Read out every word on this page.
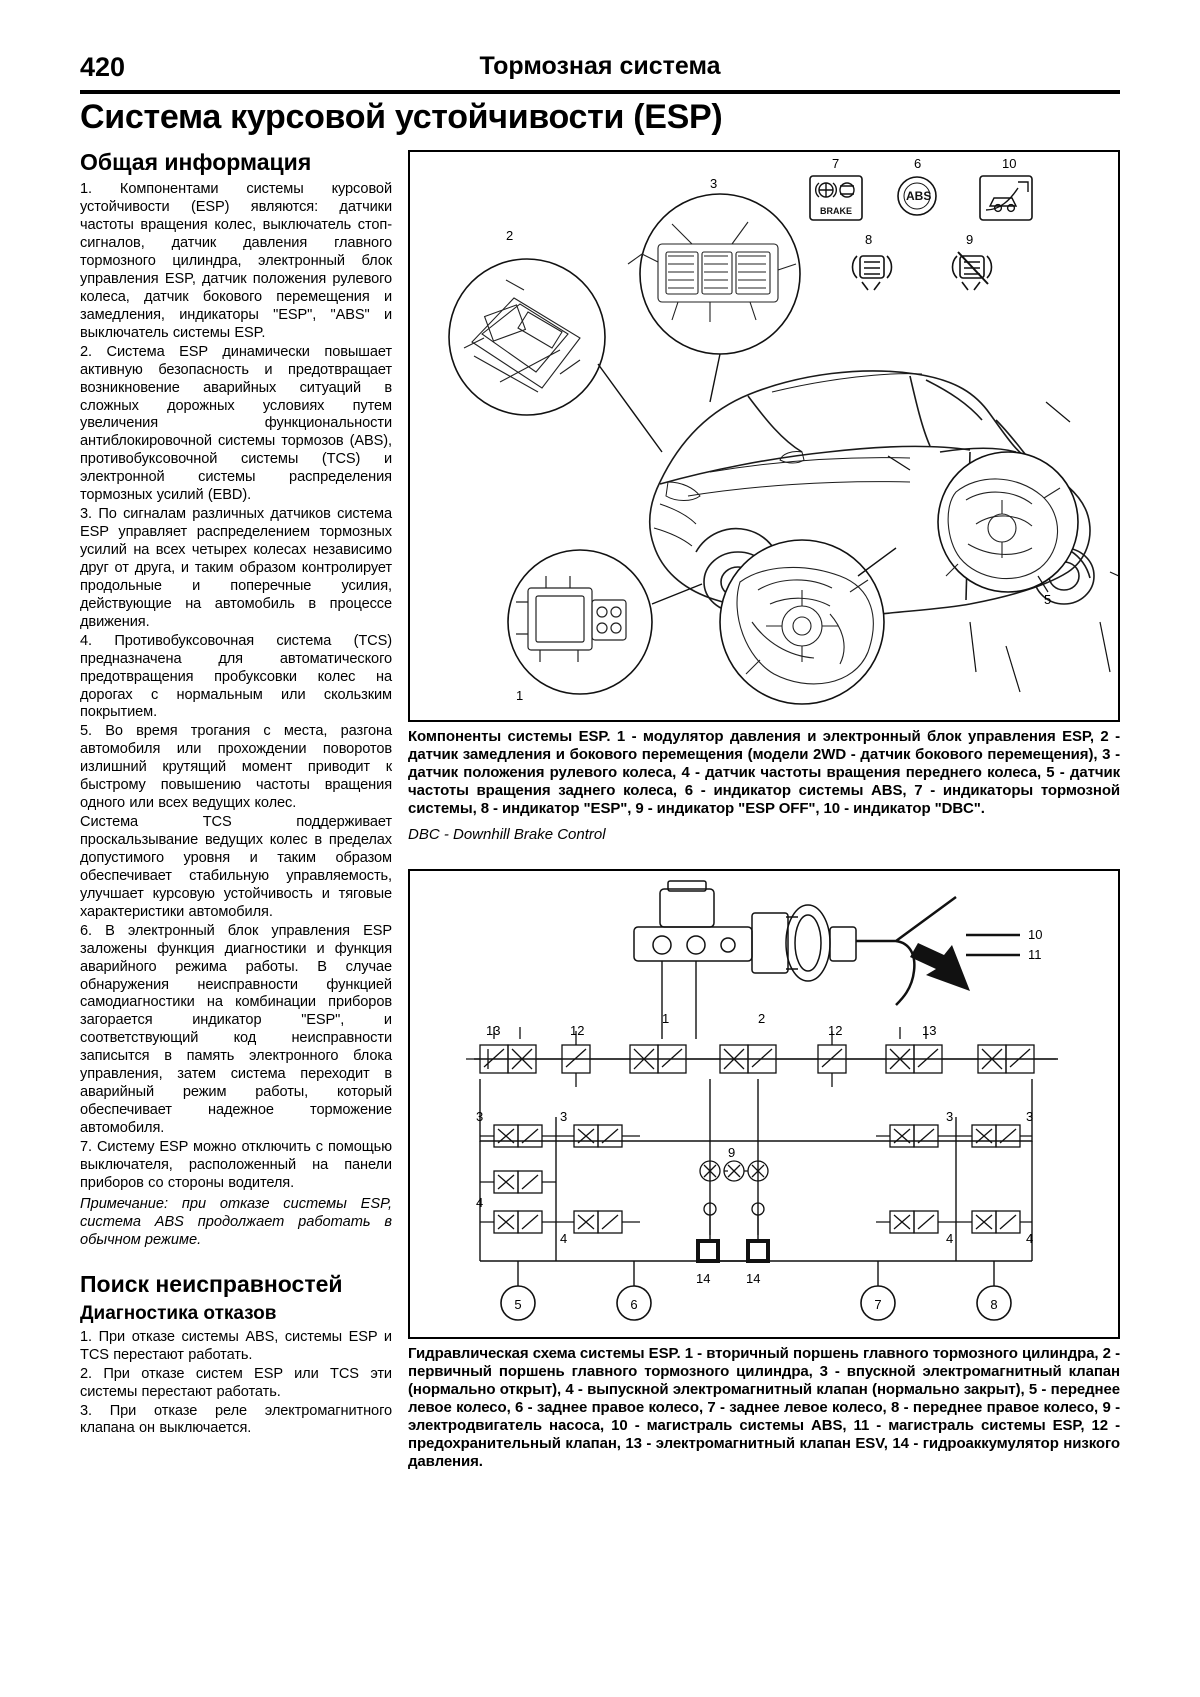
420	Тормозная система
Система курсовой устойчивости (ESP)
Общая информация

1. Компонентами системы курсовой устойчивости (ESP) являются: датчики частоты вращения колес, выключатель стоп-сигналов, датчик давления главного тормозного цилиндра, электронный блок управления ESP, датчик положения рулевого колеса, датчик бокового перемещения и замедления, индикаторы "ESP", "ABS" и выключатель системы ESP.

2. Система ESP динамически повышает активную безопасность и предотвращает возникновение аварийных ситуаций в сложных дорожных условиях путем увеличения функциональности антиблокировочной системы тормозов (ABS), противобуксовочной системы (TCS) и электронной системы распределения тормозных усилий (EBD).

3. По сигналам различных датчиков система ESP управляет распределением тормозных усилий на всех четырех колесах независимо друг от друга, и таким образом контролирует продольные и поперечные усилия, действующие на автомобиль в процессе движения.

4. Противобуксовочная система (TCS) предназначена для автоматического предотвращения пробуксовки колес на дорогах с нормальным или скользким покрытием.

5. Во время трогания с места, разгона автомобиля или прохождении поворотов излишний крутящий момент приводит к быстрому повышению частоты вращения одного или всех ведущих колес.

Система TCS поддерживает проскальзывание ведущих колес в пределах допустимого уровня и таким образом обеспечивает стабильную управляемость, улучшает курсовую устойчивость и тяговые характеристики автомобиля.

6. В электронный блок управления ESP заложены функция диагностики и функция аварийного режима работы. В случае обнаружения неисправности функцией самодиагностики на комбинации приборов загорается индикатор "ESP", и соответствующий код неисправности записытся в память электронного блока управления, затем система переходит в аварийный режим работы, который обеспечивает надежное торможение автомобиля.

7. Систему ESP можно отключить с помощью выключателя, расположенный на панели приборов со стороны водителя.

Примечание: при отказе системы ESP, система ABS продолжает работать в обычном режиме.

Поиск неисправностей
Диагностика отказов

1. При отказе системы ABS, системы ESP и TCS перестают работать.

2. При отказе систем ESP или TCS эти системы перестают работать.

3. При отказе реле электромагнитного клапана он выключается.

2
3
1
5
BRAKE
7
ABS
6	10
8	9
Компоненты системы ESP. 1 - модулятор давления и электронный блок управления ESP, 2 - датчик замедления и бокового перемещения (модели 2WD - датчик бокового перемещения), 3 - датчик положения рулевого колеса, 4 - датчик частоты вращения переднего колеса, 5 - датчик частоты вращения заднего колеса, 6 - индикатор системы ABS, 7 - индикаторы тормозной системы, 8 - индикатор "ESP", 9 - индикатор "ESP OFF", 10 - индикатор "DBC".
DBC - Downhill Brake Control
10
11
13	12	12	13
1	2
3	3
4
4
3	3
4	4
9
14	14
5	6	7	8
Гидравлическая схема системы ESP. 1 - вторичный поршень главного тормозного цилиндра, 2 - первичный поршень главного тормозного цилиндра, 3 - впускной электромагнитный клапан (нормально открыт), 4 - выпускной электромагнитный клапан (нормально закрыт), 5 - переднее левое колесо, 6 - заднее правое колесо, 7 - заднее левое колесо, 8 - переднее правое колесо, 9 - электродвигатель насоса, 10 - магистраль системы ABS, 11 - магистраль системы ESP, 12 - предохранительный клапан, 13 - электромагнитный клапан ESV, 14 - гидроаккумулятор низкого давления.
